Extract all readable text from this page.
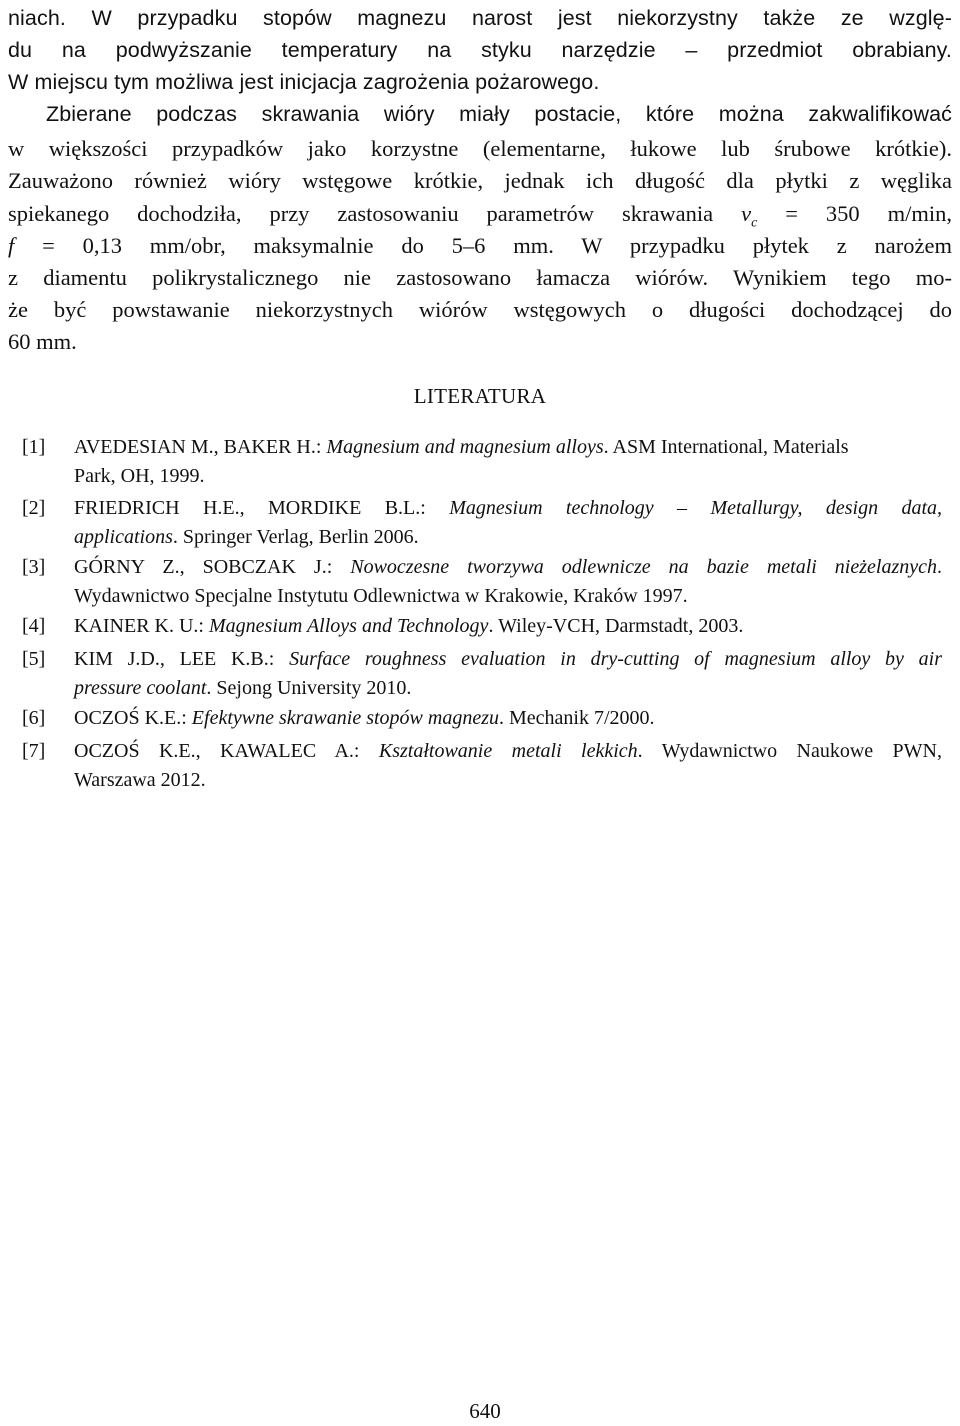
niach. W przypadku stopów magnezu narost jest niekorzystny także ze wzglę-
du na podwyższanie temperatury na styku narzędzie – przedmiot obrabiany.
W miejscu tym możliwa jest inicjacja zagrożenia pożarowego.
Zbierane podczas skrawania wióry miały postacie, które można zakwalifikować
w większości przypadków jako korzystne (elementarne, łukowe lub śrubowe krótkie).
Zauważono również wióry wstęgowe krótkie, jednak ich długość dla płytki z węglika
spiekanego dochodziła, przy zastosowaniu parametrów skrawania $v_c = 350$ m/min,
f = 0,13 mm/obr, maksymalnie do 5–6 mm. W przypadku płytek z narożem
z diamentu polikrystalicznego nie zastosowano łamacza wiórów. Wynikiem tego mo-
że być powstawanie niekorzystnych wiórów wstęgowych o długości dochodzącej do
60 mm.
LITERATURA
[1] AVEDESIAN M., BAKER H.: Magnesium and magnesium alloys. ASM International, Materials
Park, OH, 1999.
[2] FRIEDRICH H.E., MORDIKE B.L.: Magnesium technology – Metallurgy, design data,
applications. Springer Verlag, Berlin 2006.
[3] GÓRNY Z., SOBCZAK J.: Nowoczesne tworzywa odlewnicze na bazie metali nieżelaznych.
Wydawnictwo Specjalne Instytutu Odlewnictwa w Krakowie, Kraków 1997.
[4] KAINER K. U.: Magnesium Alloys and Technology. Wiley-VCH, Darmstadt, 2003.
[5] KIM J.D., LEE K.B.: Surface roughness evaluation in dry-cutting of magnesium alloy by air
pressure coolant. Sejong University 2010.
[6] OCZOŚ K.E.: Efektywne skrawanie stopów magnezu. Mechanik 7/2000.
[7] OCZOŚ K.E., KAWALEC A.: Kształtowanie metali lekkich. Wydawnictwo Naukowe PWN,
Warszawa 2012.
640
